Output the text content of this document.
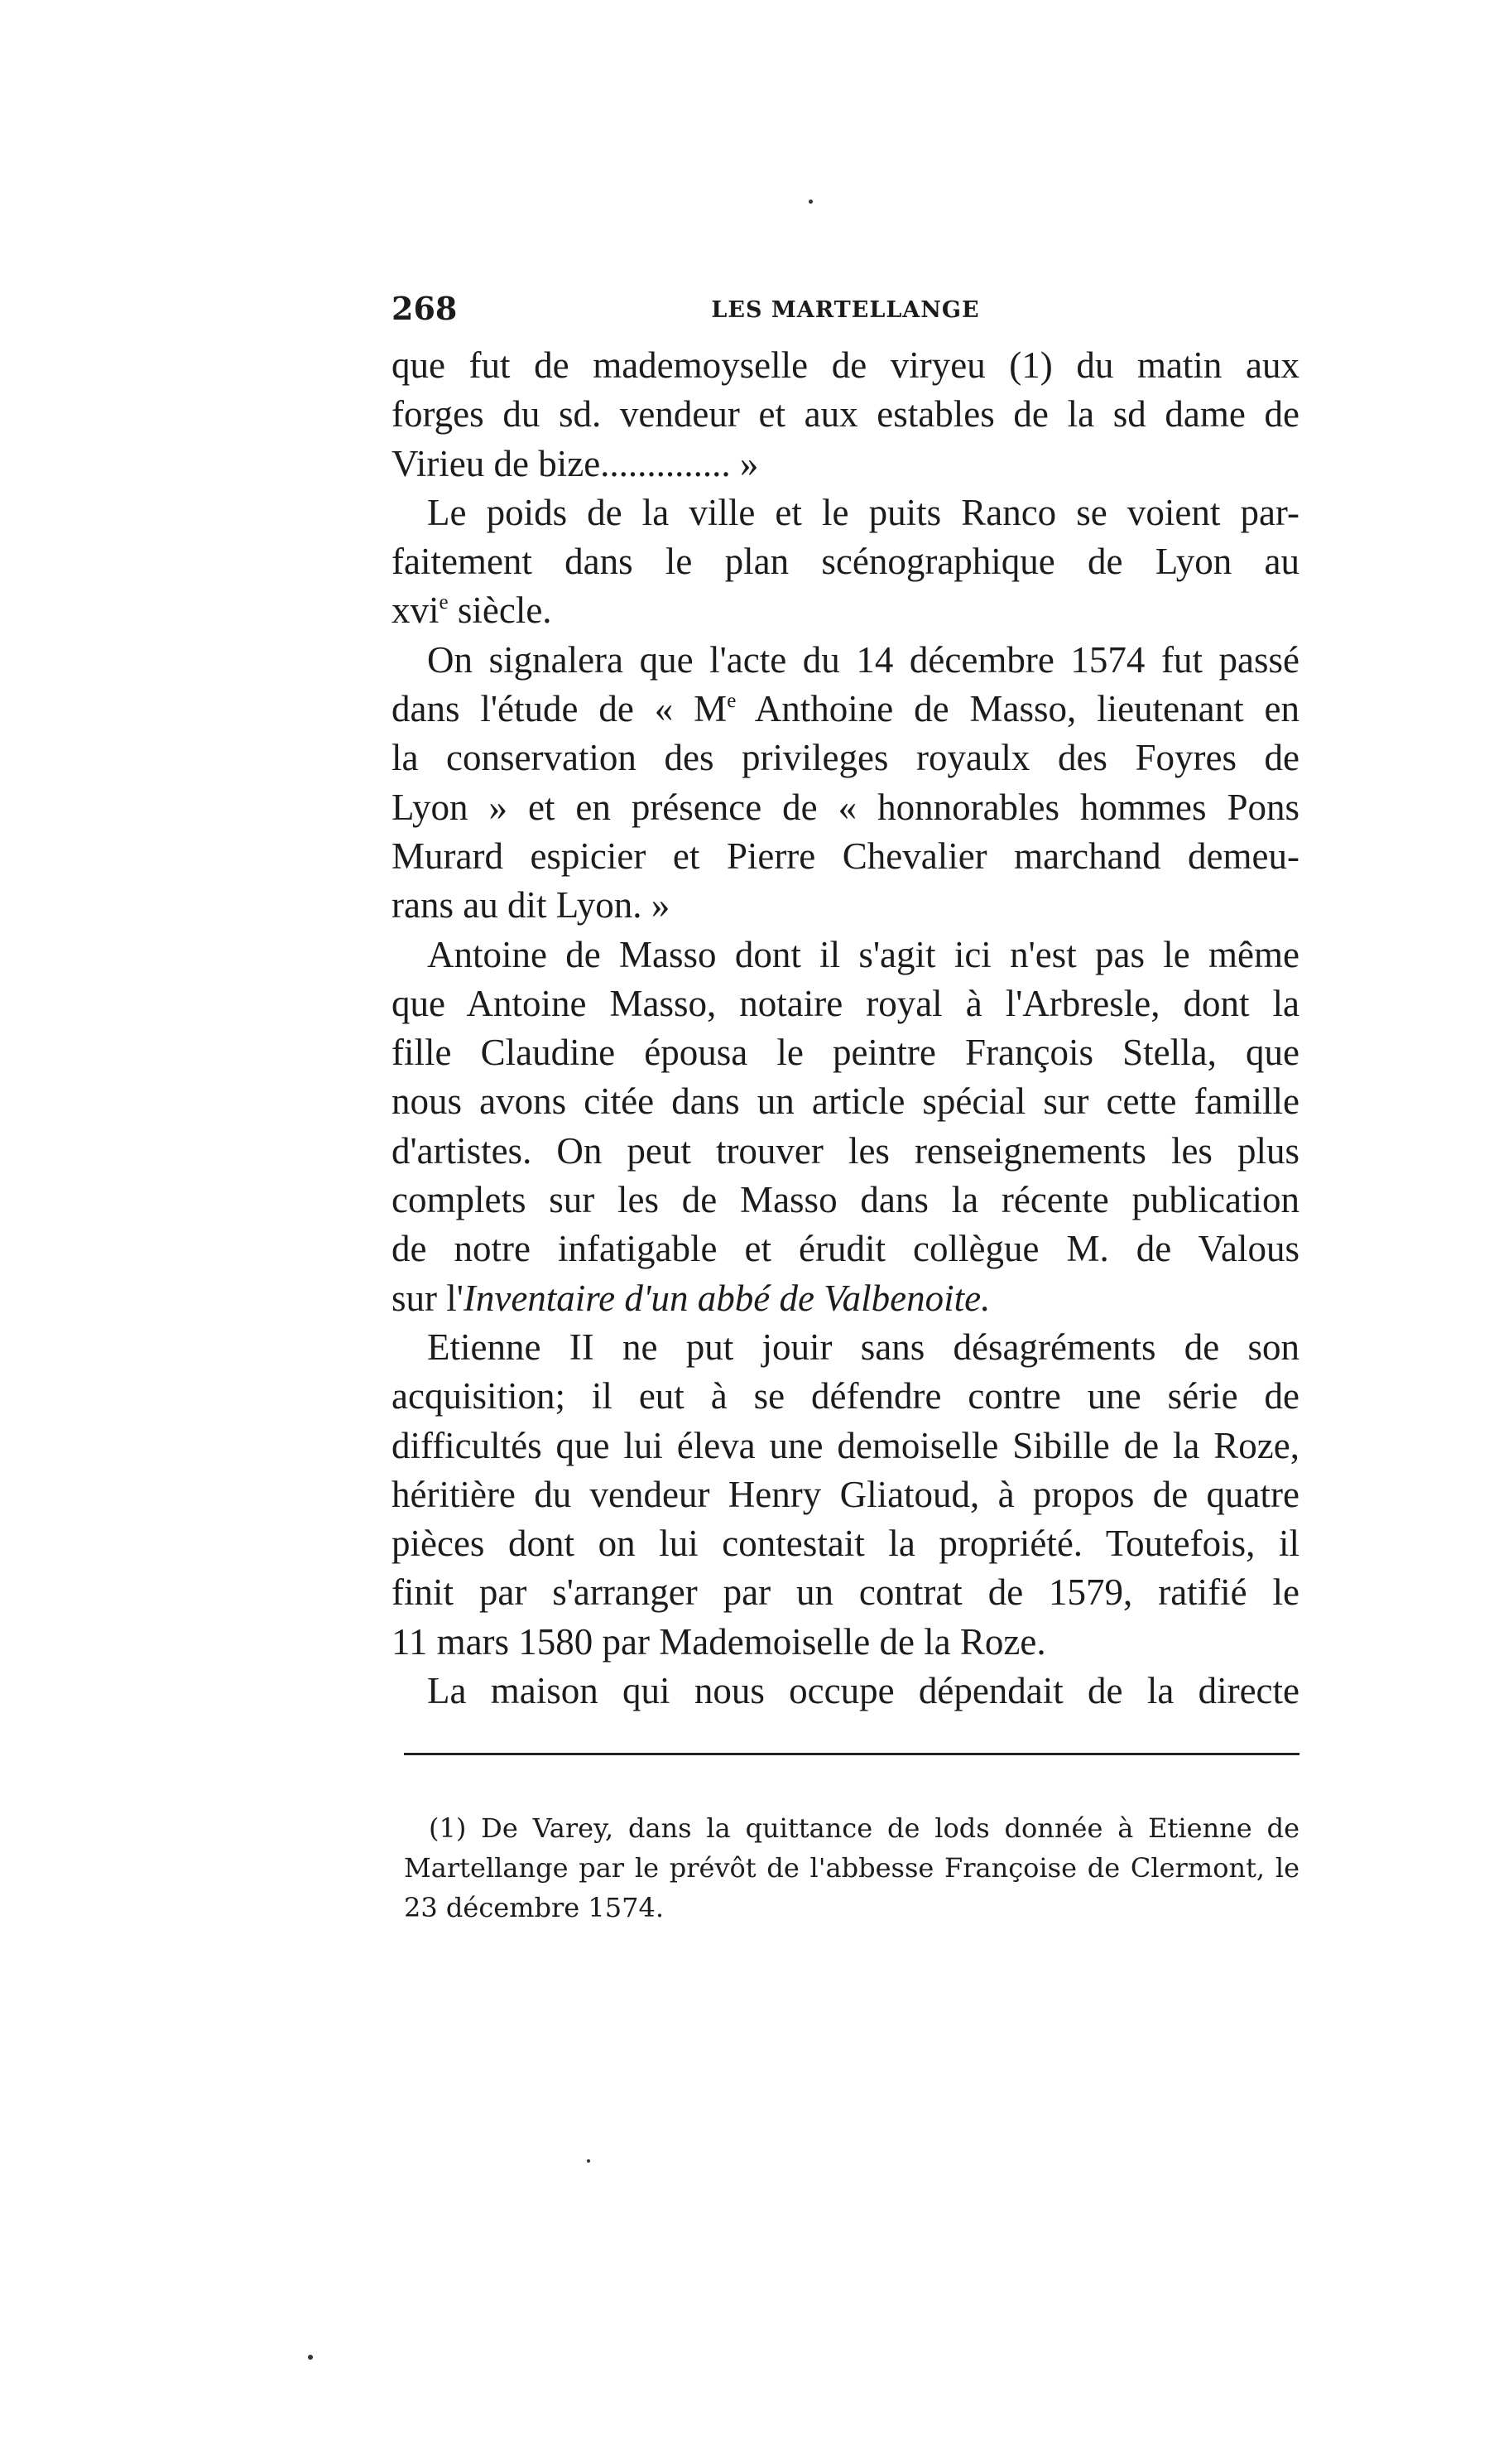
268	LES MARTELLANGE

que fut de mademoyselle de viryeu (1) du matin aux
forges du sd. vendeur et aux estables de la sd dame de
Virieu de bize.............. »

Le poids de la ville et le puits Ranco se voient par-
faitement dans le plan scénographique de Lyon au
xvi$^e$ siècle.

On signalera que l'acte du 14 décembre 1574 fut passé
dans l'étude de « Me Anthoine de Masso, lieutenant en
la conservation des privileges royaulx des Foyres de
Lyon » et en présence de « honnorables hommes Pons
Murard espicier et Pierre Chevalier marchand demeu-
rans au dit Lyon. »

Antoine de Masso dont il s'agit ici n'est pas le même
que Antoine Masso, notaire royal à l'Arbresle, dont la
fille Claudine épousa le peintre François Stella, que
nous avons citée dans un article spécial sur cette famille
d'artistes. On peut trouver les renseignements les plus
complets sur les de Masso dans la récente publication
de notre infatigable et érudit collègue M. de Valous
sur l'Inventaire d'un abbé de Valbenoite.

Etienne II ne put jouir sans désagréments de son
acquisition; il eut à se défendre contre une série de
difficultés que lui éleva une demoiselle Sibille de la Roze,
héritière du vendeur Henry Gliatoud, à propos de quatre
pièces dont on lui contestait la propriété. Toutefois, il
finit par s'arranger par un contrat de 1579, ratifié le
11 mars 1580 par Mademoiselle de la Roze.

La maison qui nous occupe dépendait de la directe

(1) De Varey, dans la quittance de lods donnée à Etienne de
Martellange par le prévôt de l'abbesse Françoise de Clermont, le
23 décembre 1574.
